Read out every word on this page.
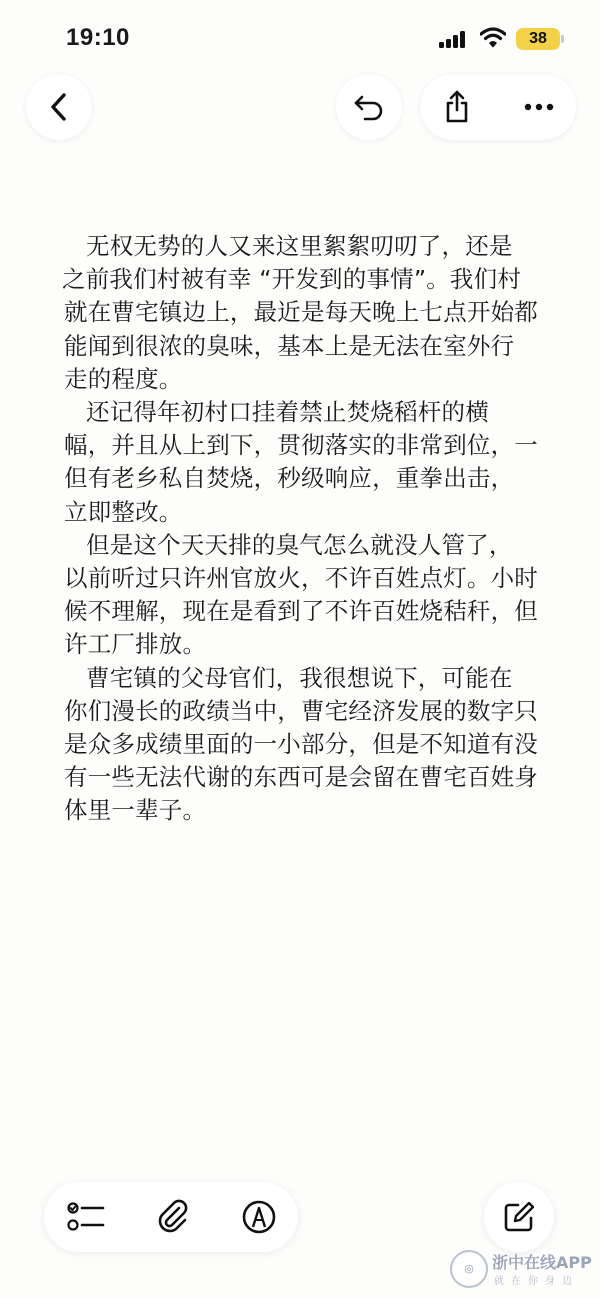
19:10	38

无权无势的人又来这里絮絮叨叨了，还是

之前我们村被有幸 “开发到的事情”。我们村

就在曹宅镇边上，最近是每天晚上七点开始都

能闻到很浓的臭味，基本上是无法在室外行

走的程度。

还记得年初村口挂着禁止焚烧稻杆的横

幅，并且从上到下，贯彻落实的非常到位，一

但有老乡私自焚烧，秒级响应，重拳出击，

立即整改。

但是这个天天排的臭气怎么就没人管了，

以前听过只许州官放火，不许百姓点灯。小时

候不理解，现在是看到了不许百姓烧秸秆，但

许工厂排放。

曹宅镇的父母官们，我很想说下，可能在

你们漫长的政绩当中，曹宅经济发展的数字只

是众多成绩里面的一小部分，但是不知道有没

有一些无法代谢的东西可是会留在曹宅百姓身

体里一辈子。

◎	浙中在线APP
就在你身边
